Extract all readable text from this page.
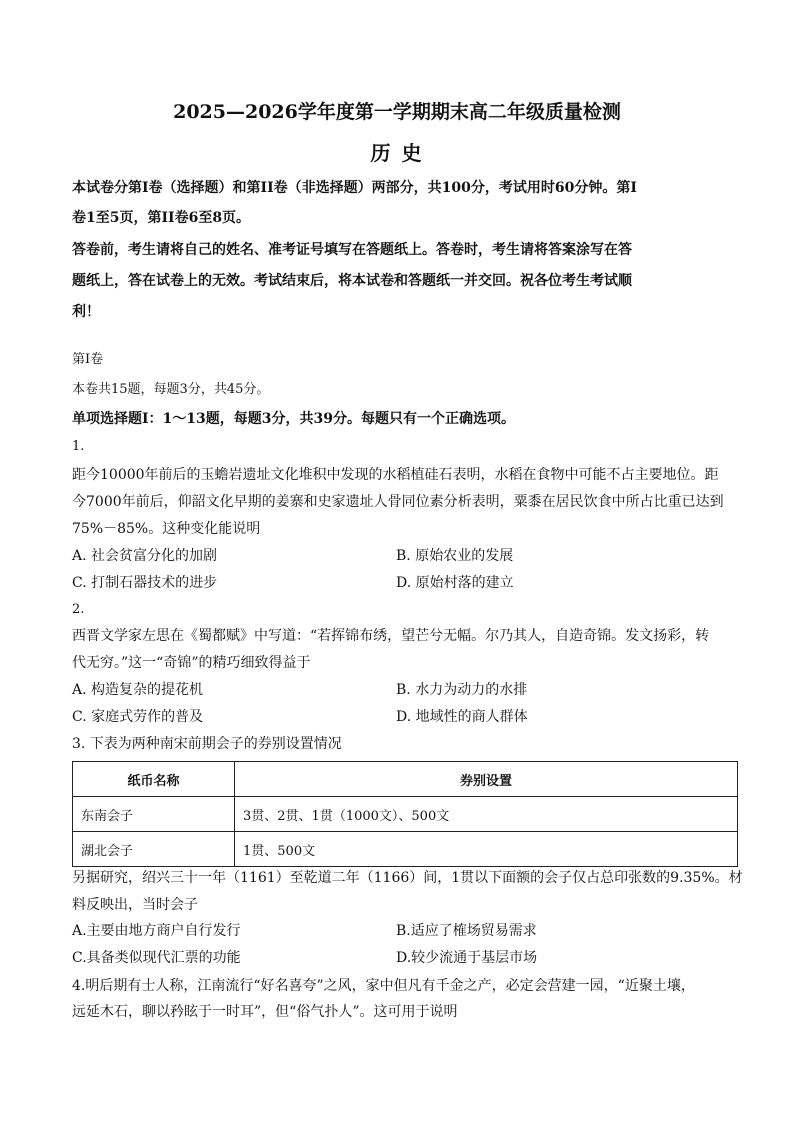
2025—2026学年度第一学期期末高二年级质量检测
历 史
本试卷分第Ⅰ卷（选择题）和第II卷（非选择题）两部分，共100分，考试用时60分钟。第Ⅰ
卷1至5页，第II卷6至8页。
答卷前，考生请将自己的姓名、准考证号填写在答题纸上。答卷时，考生请将答案涂写在答
题纸上，答在试卷上的无效。考试结束后，将本试卷和答题纸一并交回。祝各位考生考试顺
利！
第Ⅰ卷
本卷共15题，每题3分，共45分。
单项选择题Ⅰ：1～13题，每题3分，共39分。每题只有一个正确选项。
1.
距今10000年前后的玉蟾岩遗址文化堆积中发现的水稻植硅石表明，水稻在食物中可能不占主要地位。距
今7000年前后，仰韶文化早期的姜寨和史家遗址人骨同位素分析表明，粟黍在居民饮食中所占比重已达到
75%－85%。这种变化能说明
A. 社会贫富分化的加剧	B. 原始农业的发展
C. 打制石器技术的进步	D. 原始村落的建立
2.
西晋文学家左思在《蜀都赋》中写道：“若挥锦布绣，望芒兮无幅。尔乃其人，自造奇锦。发文扬彩，转
代无穷。”这一“奇锦”的精巧细致得益于
A. 构造复杂的提花机	B. 水力为动力的水排
C. 家庭式劳作的普及	D. 地域性的商人群体
3. 下表为两种南宋前期会子的券别设置情况
纸币名称	券别设置
东南会子	3贯、2贯、1贯（1000文）、500文
湖北会子	1贯、500文
另据研究，绍兴三十一年（1161）至乾道二年（1166）间，1贯以下面额的会子仅占总印张数的9.35%。材
料反映出，当时会子
A.主要由地方商户自行发行	B.适应了榷场贸易需求
C.具备类似现代汇票的功能	D.较少流通于基层市场
4.明后期有士人称，江南流行“好名喜夸”之风，家中但凡有千金之产，必定会营建一园，“近聚土壤，
远延木石，聊以矜眩于一时耳”，但“俗气扑人”。这可用于说明
